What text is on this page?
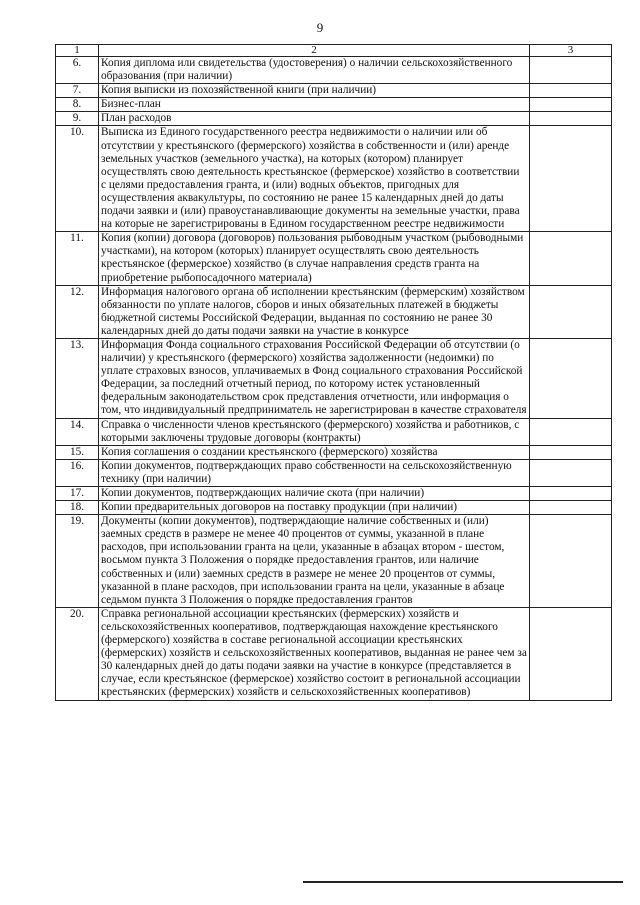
9
1	2	3
6.	Копия диплома или свидетельства (удостоверения) о наличии сельскохозяйственного образования (при наличии)	
7.	Копия выписки из похозяйственной книги (при наличии)	
8.	Бизнес-план	
9.	План расходов	
10.	Выписка из Единого государственного реестра недвижимости о наличии или об отсутствии у крестьянского (фермерского) хозяйства в собственности и (или) аренде земельных участков (земельного участка), на которых (котором) планирует осуществлять свою деятельность крестьянское (фермерское) хозяйство в соответствии с целями предоставления гранта, и (или) водных объектов, пригодных для осуществления аквакультуры, по состоянию не ранее 15 календарных дней до даты подачи заявки и (или) правоустанавливающие документы на земельные участки, права на которые не зарегистрированы в Едином государственном реестре недвижимости	
11.	Копия (копии) договора (договоров) пользования рыбоводным участком (рыбоводными участками), на котором (которых) планирует осуществлять свою деятельность крестьянское (фермерское) хозяйство (в случае направления средств гранта на приобретение рыбопосадочного материала)	
12.	Информация налогового органа об исполнении крестьянским (фермерским) хозяйством обязанности по уплате налогов, сборов и иных обязательных платежей в бюджеты бюджетной системы Российской Федерации, выданная по состоянию не ранее 30 календарных дней до даты подачи заявки на участие в конкурсе	
13.	Информация Фонда социального страхования Российской Федерации об отсутствии (о наличии) у крестьянского (фермерского) хозяйства задолженности (недоимки) по уплате страховых взносов, уплачиваемых в Фонд социального страхования Российской Федерации, за последний отчетный период, по которому истек установленный федеральным законодательством срок представления отчетности, или информация о том, что индивидуальный предприниматель не зарегистрирован в качестве страхователя	
14.	Справка о численности членов крестьянского (фермерского) хозяйства и работников, с которыми заключены трудовые договоры (контракты)	
15.	Копия соглашения о создании крестьянского (фермерского) хозяйства	
16.	Копии документов, подтверждающих право собственности на сельскохозяйственную технику (при наличии)	
17.	Копии документов, подтверждающих наличие скота (при наличии)	
18.	Копии предварительных договоров на поставку продукции (при наличии)	
19.	Документы (копии документов), подтверждающие наличие собственных и (или) заемных средств в размере не менее 40 процентов от суммы, указанной в плане расходов, при использовании гранта на цели, указанные в абзацах втором - шестом, восьмом пункта 3 Положения о порядке предоставления грантов, или наличие собственных и (или) заемных средств в размере не менее 20 процентов от суммы, указанной в плане расходов, при использовании гранта на цели, указанные в абзаце седьмом пункта 3 Положения о порядке предоставления грантов	
20.	Справка региональной ассоциации крестьянских (фермерских) хозяйств и сельскохозяйственных кооперативов, подтверждающая нахождение крестьянского (фермерского) хозяйства в составе региональной ассоциации крестьянских (фермерских) хозяйств и сельскохозяйственных кооперативов, выданная не ранее чем за 30 календарных дней до даты подачи заявки на участие в конкурсе (представляется в случае, если крестьянское (фермерское) хозяйство состоит в региональной ассоциации крестьянских (фермерских) хозяйств и сельскохозяйственных кооперативов)	
